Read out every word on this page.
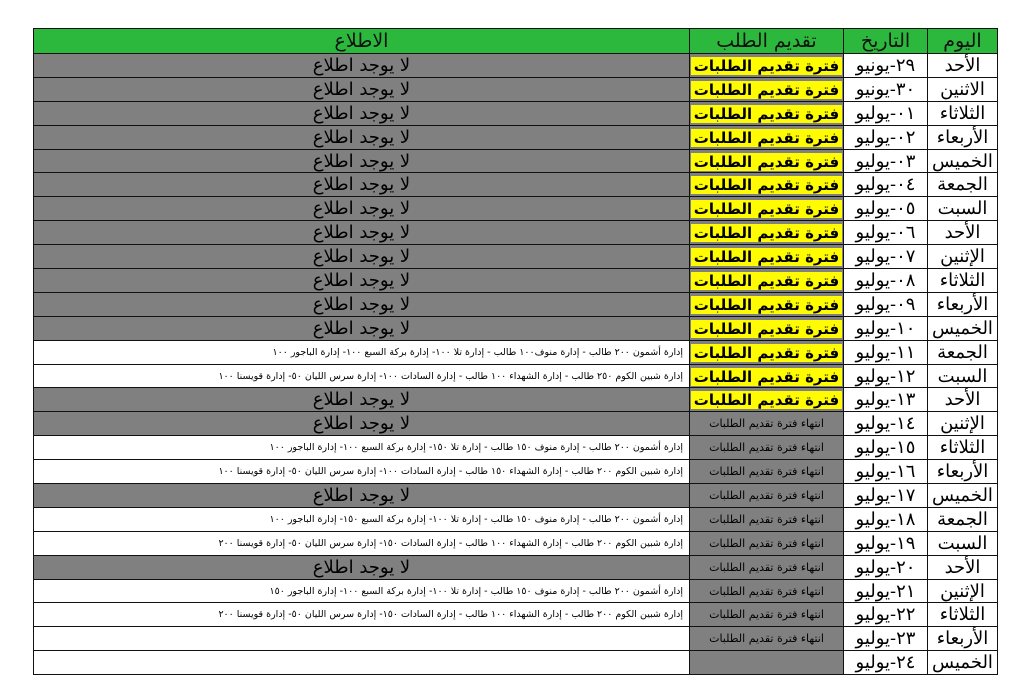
اليوم	التاريخ	تقديم الطلب	الاطلاع
الأحد	٢٩-يونيو	فترة تقديم الطلبات	لا يوجد اطلاع
الاثنين	٣٠-يونيو	فترة تقديم الطلبات	لا يوجد اطلاع
الثلاثاء	٠١-يوليو	فترة تقديم الطلبات	لا يوجد اطلاع
الأربعاء	٠٢-يوليو	فترة تقديم الطلبات	لا يوجد اطلاع
الخميس	٠٣-يوليو	فترة تقديم الطلبات	لا يوجد اطلاع
الجمعة	٠٤-يوليو	فترة تقديم الطلبات	لا يوجد اطلاع
السبت	٠٥-يوليو	فترة تقديم الطلبات	لا يوجد اطلاع
الأحد	٠٦-يوليو	فترة تقديم الطلبات	لا يوجد اطلاع
الإثنين	٠٧-يوليو	فترة تقديم الطلبات	لا يوجد اطلاع
الثلاثاء	٠٨-يوليو	فترة تقديم الطلبات	لا يوجد اطلاع
الأربعاء	٠٩-يوليو	فترة تقديم الطلبات	لا يوجد اطلاع
الخميس	١٠-يوليو	فترة تقديم الطلبات	لا يوجد اطلاع
الجمعة	١١-يوليو	فترة تقديم الطلبات	إدارة أشمون ٢٠٠ طالب - إدارة منوف١٠٠ طالب - إدارة تلا ١٠٠- إدارة بركة السبع ١٠٠- إدارة الباجور ١٠٠
السبت	١٢-يوليو	فترة تقديم الطلبات	إدارة شبين الكوم ٢٥٠ طالب - إدارة الشهداء ١٠٠ طالب - إدارة السادات ١٠٠- إدارة سرس الليان ٥٠- إدارة قويسنا ١٠٠
الأحد	١٣-يوليو	فترة تقديم الطلبات	لا يوجد اطلاع
الإثنين	١٤-يوليو	انتهاء فترة تقديم الطلبات	لا يوجد اطلاع
الثلاثاء	١٥-يوليو	انتهاء فترة تقديم الطلبات	إدارة أشمون ٢٠٠ طالب - إدارة منوف ١٥٠ طالب - إدارة تلا ١٥٠- إدارة بركة السبع ١٠٠- إدارة الباجور ١٠٠
الأربعاء	١٦-يوليو	انتهاء فترة تقديم الطلبات	إدارة شبين الكوم ٢٠٠ طالب - إدارة الشهداء ١٥٠ طالب - إدارة السادات ١٠٠- إدارة سرس الليان ٥٠- إدارة قويسنا ١٠٠
الخميس	١٧-يوليو	انتهاء فترة تقديم الطلبات	لا يوجد اطلاع
الجمعة	١٨-يوليو	انتهاء فترة تقديم الطلبات	إدارة أشمون ٢٠٠ طالب - إدارة منوف ١٥٠ طالب - إدارة تلا ١٠٠- إدارة بركة السبع ١٥٠- إدارة الباجور ١٠٠
السبت	١٩-يوليو	انتهاء فترة تقديم الطلبات	إدارة شبين الكوم ٢٠٠ طالب - إدارة الشهداء ١٠٠ طالب - إدارة السادات ١٥٠- إدارة سرس الليان ٥٠- إدارة قويسنا ٢٠٠
الأحد	٢٠-يوليو	انتهاء فترة تقديم الطلبات	لا يوجد اطلاع
الإثنين	٢١-يوليو	انتهاء فترة تقديم الطلبات	إدارة أشمون ٢٠٠ طالب - إدارة منوف ١٥٠ طالب - إدارة تلا ١٠٠- إدارة بركة السبع ١٠٠- إدارة الباجور ١٥٠
الثلاثاء	٢٢-يوليو	انتهاء فترة تقديم الطلبات	إدارة شبين الكوم ٢٠٠ طالب - إدارة الشهداء ١٠٠ طالب - إدارة السادات ١٥٠- إدارة سرس الليان ٥٠- إدارة قويسنا ٢٠٠
الأربعاء	٢٣-يوليو	انتهاء فترة تقديم الطلبات	
الخميس	٢٤-يوليو		
